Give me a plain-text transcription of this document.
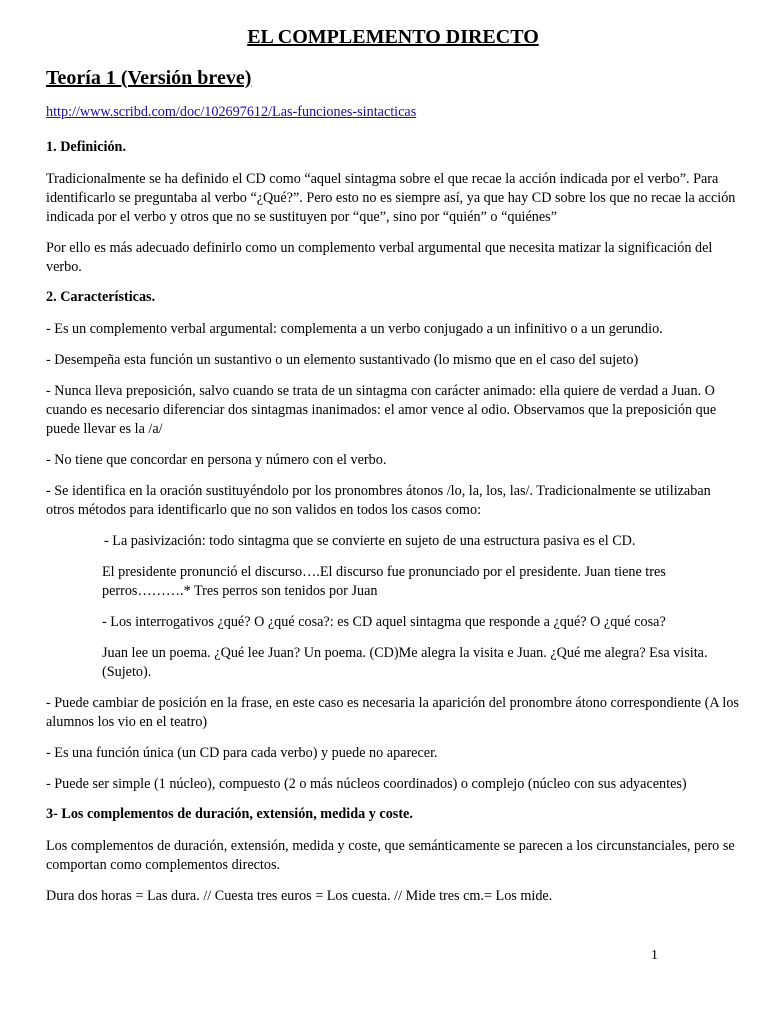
EL COMPLEMENTO DIRECTO
Teoría 1 (Versión breve)
http://www.scribd.com/doc/102697612/Las-funciones-sintacticas
1. Definición.

Tradicionalmente se ha definido el CD como “aquel sintagma sobre el que recae la acción indicada por el verbo”. Para identificarlo se preguntaba al verbo “¿Qué?”. Pero esto no es siempre así, ya que hay CD sobre los que no recae la acción indicada por el verbo y otros que no se sustituyen por “que”, sino por “quién” o “quiénes”

Por ello es más adecuado definirlo como un complemento verbal argumental que necesita matizar la significación del verbo.

2. Características.

- Es un complemento verbal argumental: complementa a un verbo conjugado a un infinitivo o a un gerundio.

- Desempeña esta función un sustantivo o un elemento sustantivado (lo mismo que en el caso del sujeto)

- Nunca lleva preposición, salvo cuando se trata de un sintagma con carácter animado: ella quiere de verdad a Juan. O cuando es necesario diferenciar dos sintagmas inanimados: el amor vence al odio. Observamos que la preposición que puede llevar es la /a/

- No tiene que concordar en persona y número con el verbo.

- Se identifica en la oración sustituyéndolo por los pronombres átonos /lo, la, los, las/. Tradicionalmente se utilizaban otros métodos para identificarlo que no son validos en todos los casos como:

- La pasivización: todo sintagma que se convierte en sujeto de una estructura pasiva es el CD.

El presidente pronunció el discurso….El discurso fue pronunciado por el presidente. Juan tiene tres perros……….* Tres perros son tenidos por Juan

- Los interrogativos ¿qué? O ¿qué cosa?: es CD aquel sintagma que responde a ¿qué? O ¿qué cosa?

Juan lee un poema. ¿Qué lee Juan? Un poema. (CD)Me alegra la visita e Juan. ¿Qué me alegra? Esa visita. (Sujeto).

- Puede cambiar de posición en la frase, en este caso es necesaria la aparición del pronombre átono correspondiente (A los alumnos los vio en el teatro)

- Es una función única (un CD para cada verbo) y puede no aparecer.

- Puede ser simple (1 núcleo), compuesto (2 o más núcleos coordinados) o complejo (núcleo con sus adyacentes)

3- Los complementos de duración, extensión, medida y coste.

Los complementos de duración, extensión, medida y coste, que semánticamente se parecen a los circunstanciales, pero se comportan como complementos directos.

Dura dos horas = Las dura. // Cuesta tres euros = Los cuesta. // Mide tres cm.= Los mide.

1
